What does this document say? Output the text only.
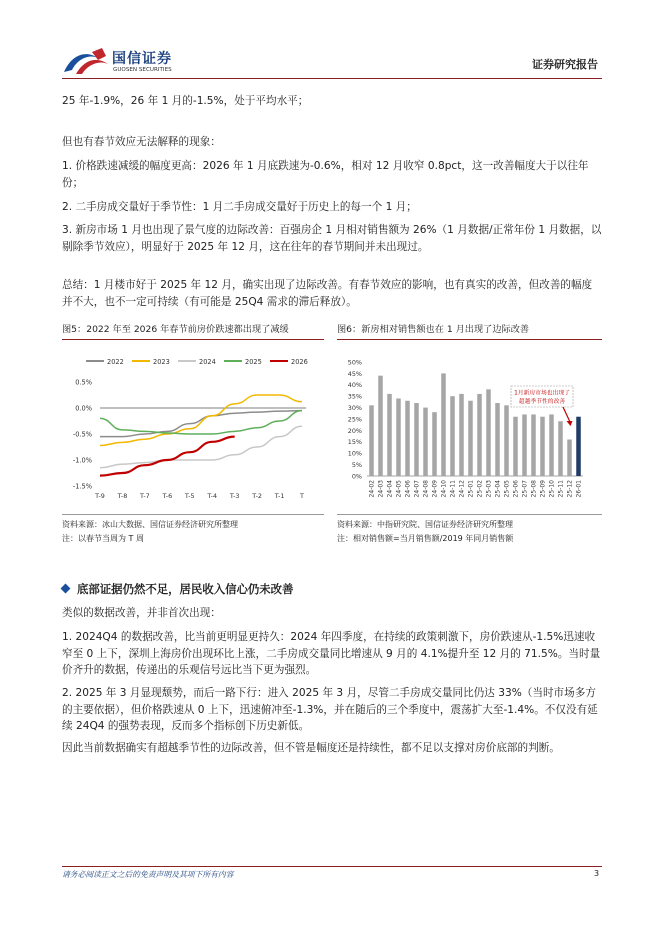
国信证券
GUOSEN SECURITIES	证券研究报告
25 年-1.9%，26 年 1 月的-1.5%，处于平均水平；
但也有春节效应无法解释的现象：
1. 价格跌速减缓的幅度更高：2026 年 1 月底跌速为-0.6%，相对 12 月收窄 0.8pct，这一改善幅度大于以往年份；
2. 二手房成交量好于季节性：1 月二手房成交量好于历史上的每一个 1 月；
3. 新房市场 1 月也出现了景气度的边际改善：百强房企 1 月相对销售额为 26%（1 月数据/正常年份 1 月数据，以剔除季节效应），明显好于 2025 年 12 月，这在往年的春节期间并未出现过。
总结：1 月楼市好于 2025 年 12 月，确实出现了边际改善。有春节效应的影响，也有真实的改善，但改善的幅度并不大，也不一定可持续（有可能是 25Q4 需求的滞后释放）。
图5：2022 年至 2026 年春节前房价跌速都出现了减缓
2022	2023	2024	2025	2026
0.5%
0.0%
-0.5%
-1.0%
-1.5%
T-9 T-8 T-7 T-6 T-5 T-4 T-3 T-2 T-1 T
资料来源：冰山大数据、国信证券经济研究所整理
注：以春节当周为 T 周
图6：新房相对销售额也在 1 月出现了边际改善
50%
45%
40%
35%
30%
25%
20%
15%
10%
5%
0%
24-02 24-03 24-04 24-05 24-06 24-07 24-08 24-09 24-10 24-11 24-12 25-01 25-02 25-03 25-04 25-05 25-06 25-07 25-08 25-09 25-10 25-11 25-12 26-01
1月新房市场也出现了
超越季节性的改善
资料来源：中指研究院、国信证券经济研究所整理
注：相对销售额=当月销售额/2019 年同月销售额
底部证据仍然不足，居民收入信心仍未改善
类似的数据改善，并非首次出现：
1. 2024Q4 的数据改善，比当前更明显更持久：2024 年四季度，在持续的政策刺激下，房价跌速从-1.5%迅速收窄至 0 上下，深圳上海房价出现环比上涨，二手房成交量同比增速从 9 月的 4.1%提升至 12 月的 71.5%。当时量价齐升的数据，传递出的乐观信号远比当下更为强烈。
2. 2025 年 3 月显现颓势，而后一路下行：进入 2025 年 3 月，尽管二手房成交量同比仍达 33%（当时市场多方的主要依据），但价格跌速从 0 上下，迅速俯冲至-1.3%，并在随后的三个季度中，震荡扩大至-1.4%。不仅没有延续 24Q4 的强势表现，反而多个指标创下历史新低。
因此当前数据确实有超越季节性的边际改善，但不管是幅度还是持续性，都不足以支撑对房价底部的判断。
请务必阅读正文之后的免责声明及其项下所有内容	3
